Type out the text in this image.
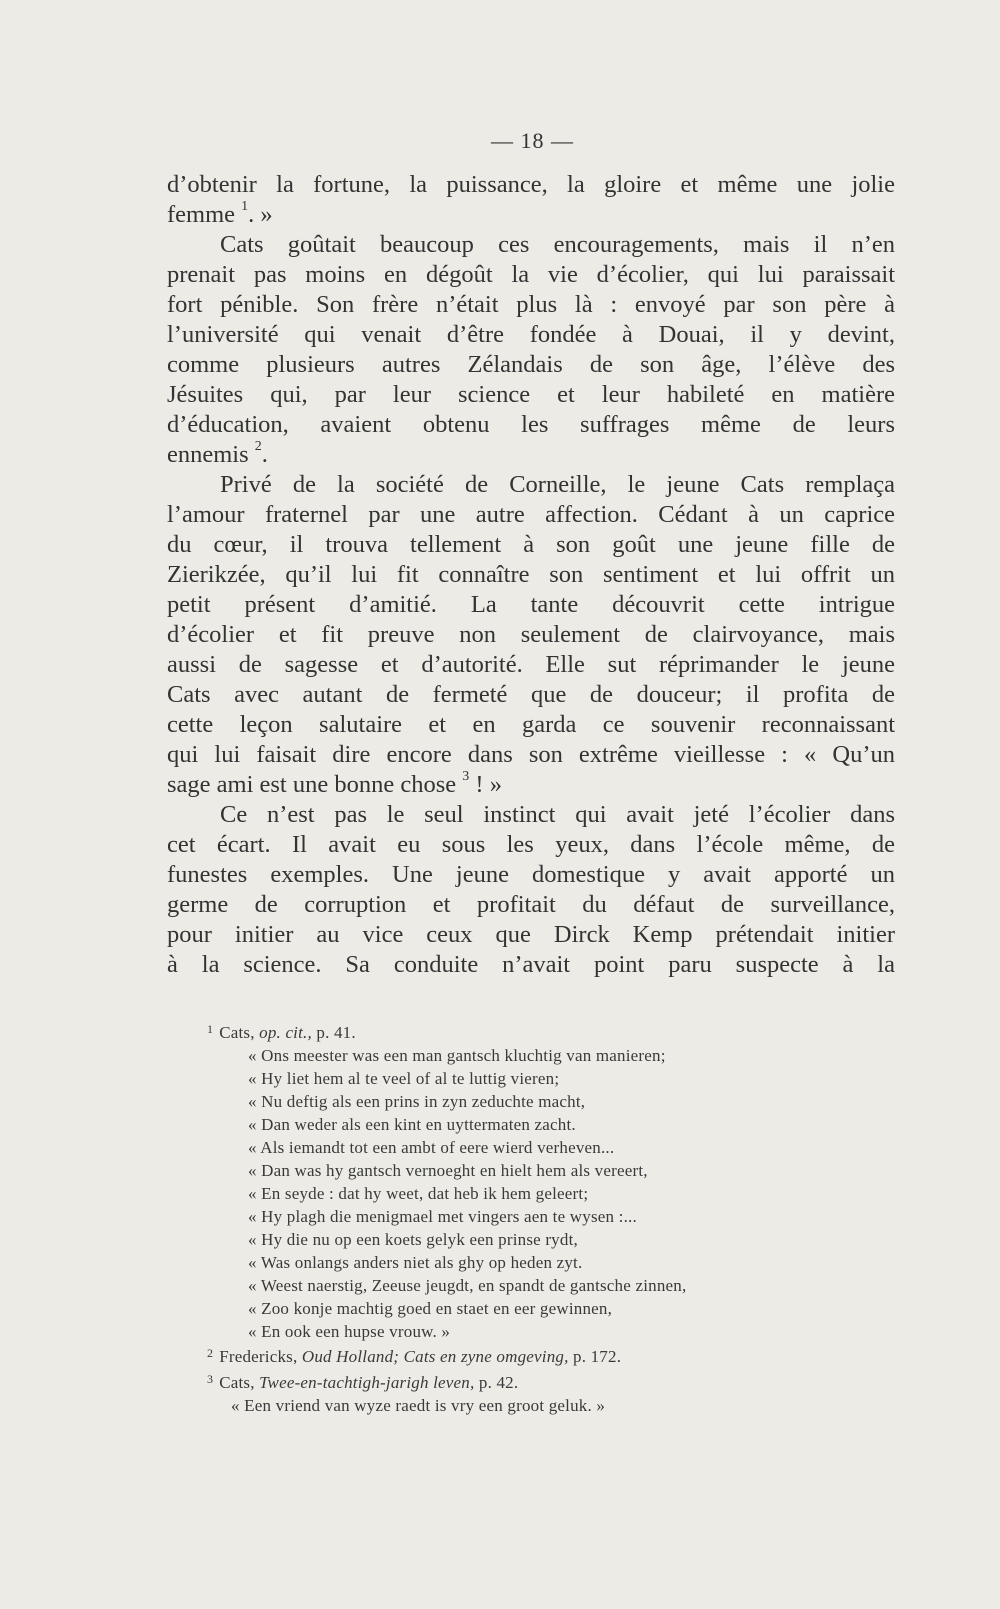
— 18 —
d’obtenir la fortune, la puissance, la gloire et même une jolie
femme $^1$. »
Cats goûtait beaucoup ces encouragements, mais il n’en
prenait pas moins en dégoût la vie d’écolier, qui lui paraissait
fort pénible. Son frère n’était plus là : envoyé par son père à
l’université qui venait d’être fondée à Douai, il y devint,
comme plusieurs autres Zélandais de son âge, l’élève des
Jésuites qui, par leur science et leur habileté en matière
d’éducation, avaient obtenu les suffrages même de leurs
ennemis $^2$.
Privé de la société de Corneille, le jeune Cats remplaça
l’amour fraternel par une autre affection. Cédant à un caprice
du cœur, il trouva tellement à son goût une jeune fille de
Zierikzée, qu’il lui fit connaître son sentiment et lui offrit un
petit présent d’amitié. La tante découvrit cette intrigue
d’écolier et fit preuve non seulement de clairvoyance, mais
aussi de sagesse et d’autorité. Elle sut réprimander le jeune
Cats avec autant de fermeté que de douceur; il profita de
cette leçon salutaire et en garda ce souvenir reconnaissant
qui lui faisait dire encore dans son extrême vieillesse : « Qu’un
sage ami est une bonne chose $^3$ ! »
Ce n’est pas le seul instinct qui avait jeté l’écolier dans
cet écart. Il avait eu sous les yeux, dans l’école même, de
funestes exemples. Une jeune domestique y avait apporté un
germe de corruption et profitait du défaut de surveillance,
pour initier au vice ceux que Dirck Kemp prétendait initier
à la science. Sa conduite n’avait point paru suspecte à la
$^1$ Cats, op. cit., p. 41.
« Ons meester was een man gantsch kluchtig van manieren;
« Hy liet hem al te veel of al te luttig vieren;
« Nu deftig als een prins in zyn zeduchte macht,
« Dan weder als een kint en uyttermaten zacht.
« Als iemandt tot een ambt of eere wierd verheven...
« Dan was hy gantsch vernoeght en hielt hem als vereert,
« En seyde : dat hy weet, dat heb ik hem geleert;
« Hy plagh die menigmael met vingers aen te wysen :...
« Hy die nu op een koets gelyk een prinse rydt,
« Was onlangs anders niet als ghy op heden zyt.
« Weest naerstig, Zeeuse jeugdt, en spandt de gantsche zinnen,
« Zoo konje machtig goed en staet en eer gewinnen,
« En ook een hupse vrouw. »
$^2$ Fredericks, Oud Holland; Cats en zyne omgeving, p. 172.
$^3$ Cats, Twee-en-tachtigh-jarigh leven, p. 42.
« Een vriend van wyze raedt is vry een groot geluk. »
